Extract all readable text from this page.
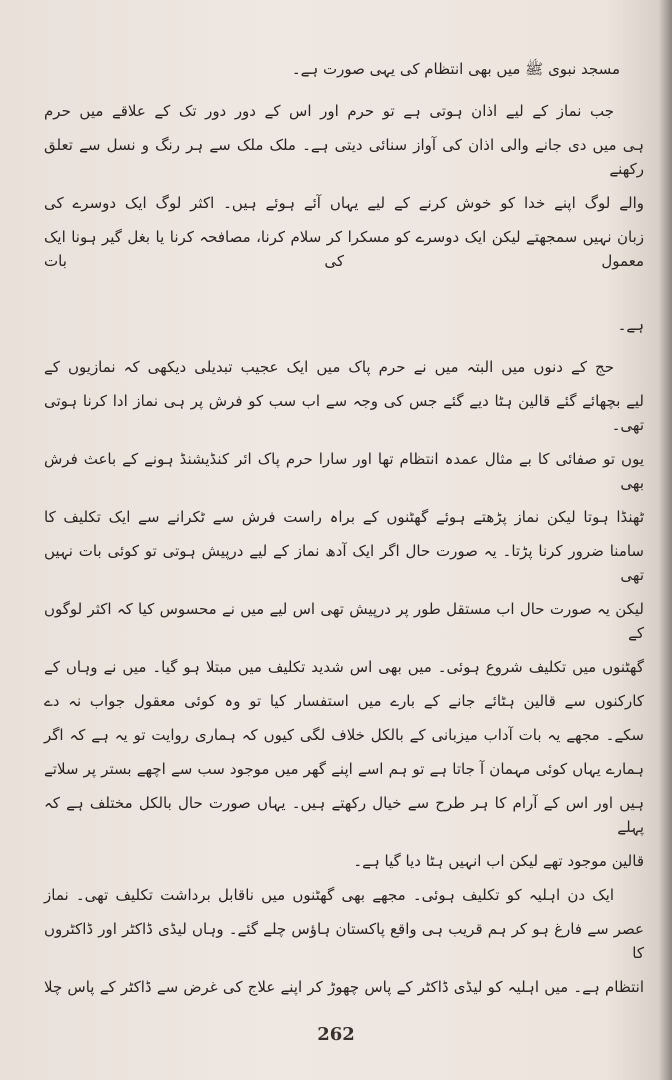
مسجد نبوی ﷺ میں بھی انتظام کی یہی صورت ہے۔
جب نماز کے لیے اذان ہوتی ہے تو حرم اور اس کے دور دور تک کے علاقے میں حرم
ہی میں دی جانے والی اذان کی آواز سنائی دیتی ہے۔ ملک ملک سے ہر رنگ و نسل سے تعلق رکھنے
والے لوگ اپنے خدا کو خوش کرنے کے لیے یہاں آئے ہوئے ہیں۔ اکثر لوگ ایک دوسرے کی
زبان نہیں سمجھتے لیکن ایک دوسرے کو مسکرا کر سلام کرنا، مصافحہ کرنا یا بغل گیر ہونا ایک معمول کی بات
ہے۔
حج کے دنوں میں البتہ میں نے حرم پاک میں ایک عجیب تبدیلی دیکھی کہ نمازیوں کے
لیے بچھائے گئے قالین ہٹا دیے گئے جس کی وجہ سے اب سب کو فرش پر ہی نماز ادا کرنا ہوتی تھی۔
یوں تو صفائی کا بے مثال عمدہ انتظام تھا اور سارا حرم پاک ائر کنڈیشنڈ ہونے کے باعث فرش بھی
ٹھنڈا ہوتا لیکن نماز پڑھتے ہوئے گھٹنوں کے براہ راست فرش سے ٹکرانے سے ایک تکلیف کا
سامنا ضرور کرنا پڑتا۔ یہ صورت حال اگر ایک آدھ نماز کے لیے درپیش ہوتی تو کوئی بات نہیں تھی
لیکن یہ صورت حال اب مستقل طور پر درپیش تھی اس لیے میں نے محسوس کیا کہ اکثر لوگوں کے
گھٹنوں میں تکلیف شروع ہوئی۔ میں بھی اس شدید تکلیف میں مبتلا ہو گیا۔ میں نے وہاں کے
کارکنوں سے قالین ہٹائے جانے کے بارے میں استفسار کیا تو وہ کوئی معقول جواب نہ دے
سکے۔ مجھے یہ بات آداب میزبانی کے بالکل خلاف لگی کیوں کہ ہماری روایت تو یہ ہے کہ اگر
ہمارے یہاں کوئی مہمان آ جاتا ہے تو ہم اسے اپنے گھر میں موجود سب سے اچھے بستر پر سلاتے
ہیں اور اس کے آرام کا ہر طرح سے خیال رکھتے ہیں۔ یہاں صورت حال بالکل مختلف ہے کہ پہلے
قالین موجود تھے لیکن اب انہیں ہٹا دیا گیا ہے۔
ایک دن اہلیہ کو تکلیف ہوئی۔ مجھے بھی گھٹنوں میں ناقابل برداشت تکلیف تھی۔ نماز
عصر سے فارغ ہو کر ہم قریب ہی واقع پاکستان ہاؤس چلے گئے۔ وہاں لیڈی ڈاکٹر اور ڈاکٹروں کا
انتظام ہے۔ میں اہلیہ کو لیڈی ڈاکٹر کے پاس چھوڑ کر اپنے علاج کی غرض سے ڈاکٹر کے پاس چلا
262
